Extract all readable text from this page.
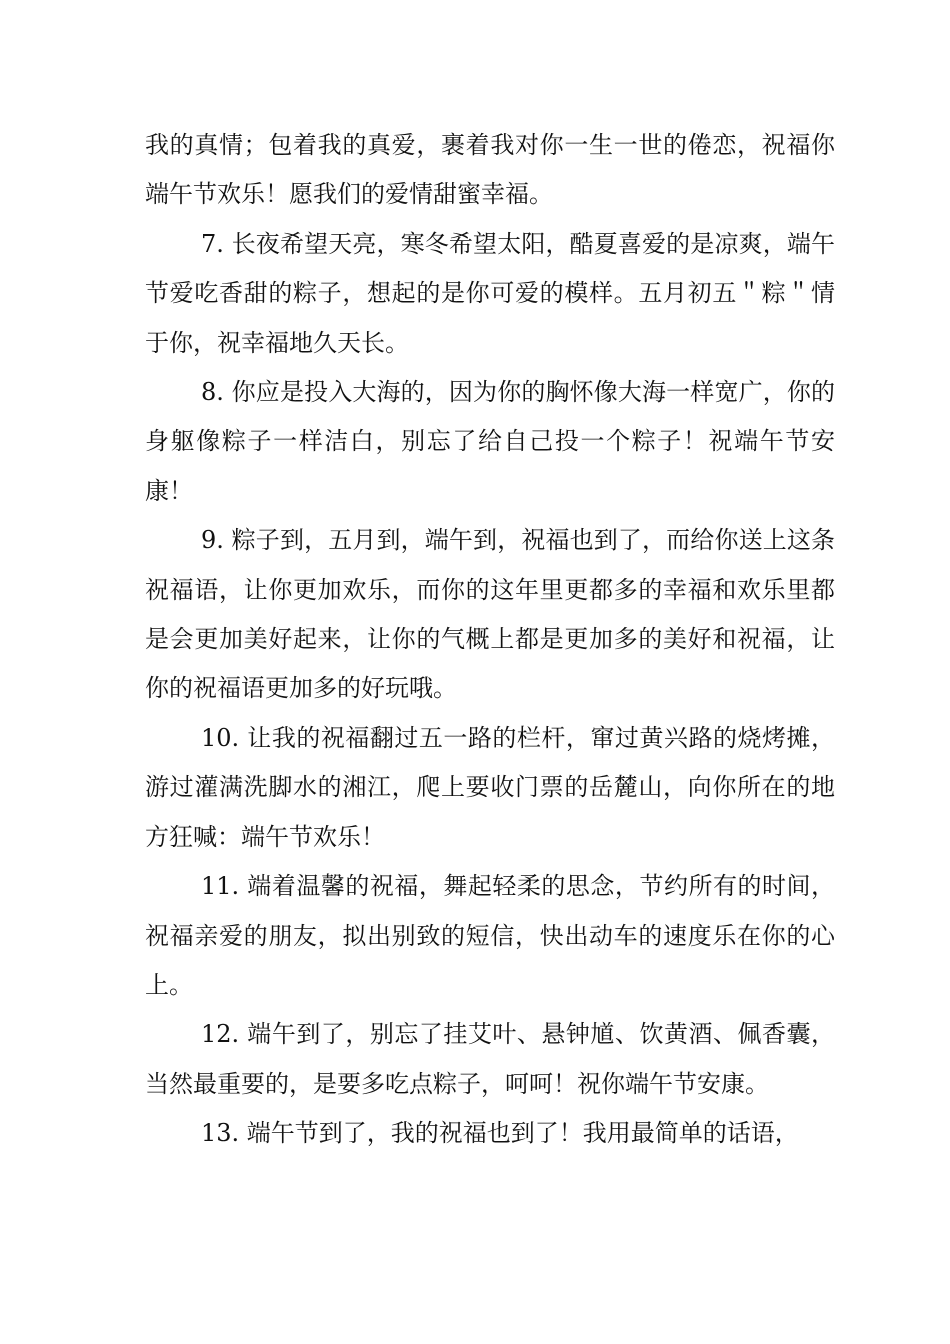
我的真情；包着我的真爱，裹着我对你一生一世的倦恋，祝福你端午节欢乐！愿我们的爱情甜蜜幸福。

7. 长夜希望天亮，寒冬希望太阳，酷夏喜爱的是凉爽，端午节爱吃香甜的粽子，想起的是你可爱的模样。五月初五＂粽＂情于你，祝幸福地久天长。

8. 你应是投入大海的，因为你的胸怀像大海一样宽广，你的身躯像粽子一样洁白，别忘了给自己投一个粽子！祝端午节安康！

9. 粽子到，五月到，端午到，祝福也到了，而给你送上这条祝福语，让你更加欢乐，而你的这年里更都多的幸福和欢乐里都是会更加美好起来，让你的气概上都是更加多的美好和祝福，让你的祝福语更加多的好玩哦。

10. 让我的祝福翻过五一路的栏杆，窜过黄兴路的烧烤摊，游过灌满洗脚水的湘江，爬上要收门票的岳麓山，向你所在的地方狂喊：端午节欢乐！

11. 端着温馨的祝福，舞起轻柔的思念，节约所有的时间，祝福亲爱的朋友，拟出别致的短信，快出动车的速度乐在你的心上。

12. 端午到了，别忘了挂艾叶、悬钟馗、饮黄酒、佩香囊，当然最重要的，是要多吃点粽子，呵呵！祝你端午节安康。

13. 端午节到了，我的祝福也到了！我用最简单的话语，
